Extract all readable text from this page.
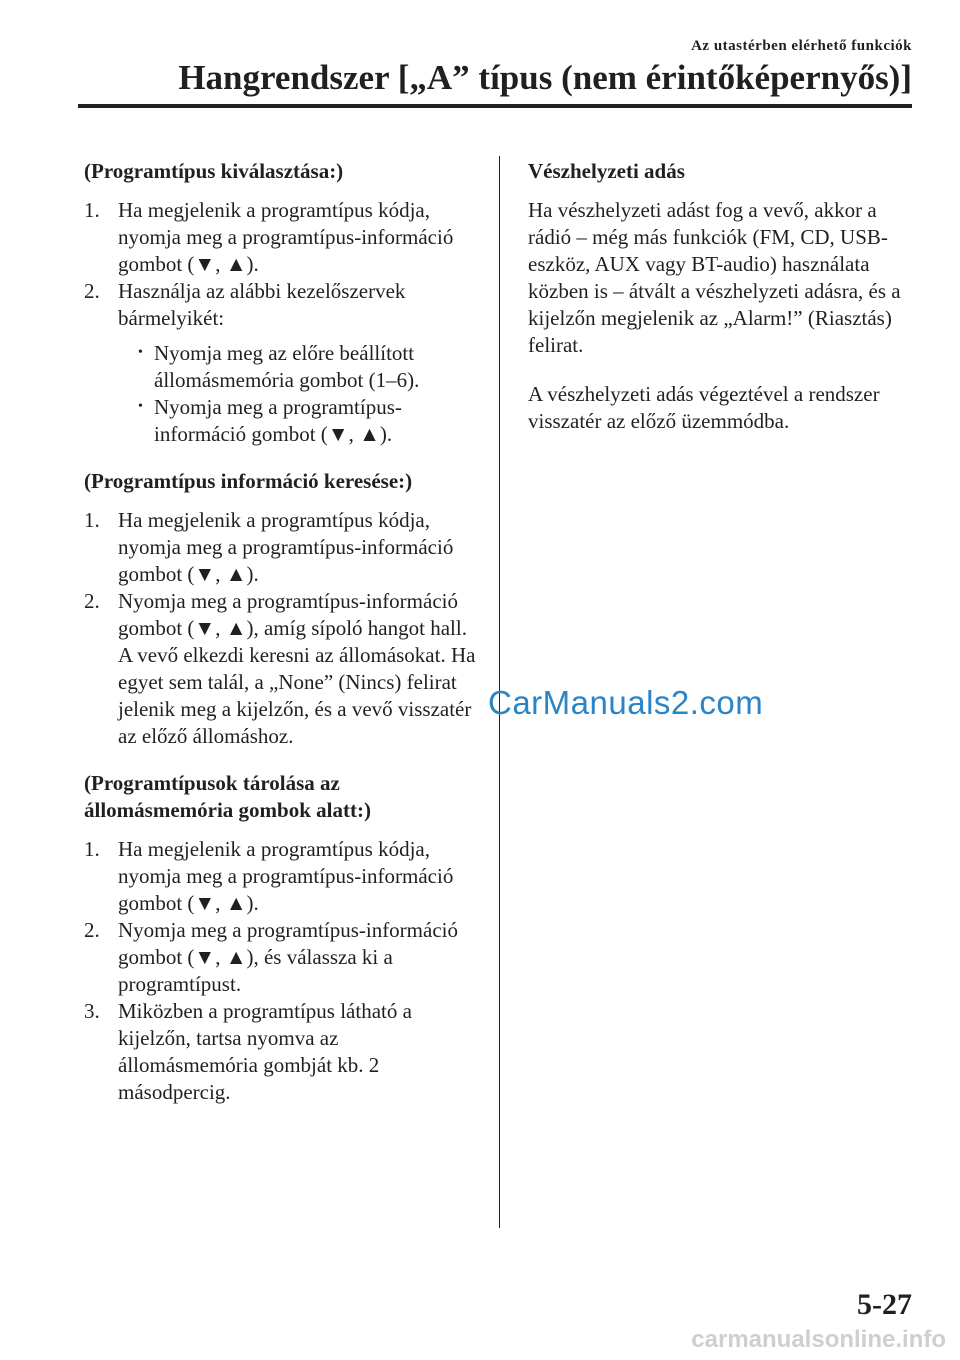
Az utastérben elérhető funkciók
Hangrendszer [„A” típus (nem érintőképernyős)]

(Programtípus kiválasztása:)

1. Ha megjelenik a programtípus kódja, nyomja meg a programtípus-információ gombot (▼, ▲).
2. Használja az alábbi kezelőszervek bármelyikét:
• Nyomja meg az előre beállított állomásmemória gombot (1–6).
• Nyomja meg a programtípus-információ gombot (▼, ▲).

(Programtípus információ keresése:)

1. Ha megjelenik a programtípus kódja, nyomja meg a programtípus-információ gombot (▼, ▲).
2. Nyomja meg a programtípus-információ gombot (▼, ▲), amíg sípoló hangot hall. A vevő elkezdi keresni az állomásokat. Ha egyet sem talál, a „None” (Nincs) felirat jelenik meg a kijelzőn, és a vevő visszatér az előző állomáshoz.

(Programtípusok tárolása az állomásmemória gombok alatt:)

1. Ha megjelenik a programtípus kódja, nyomja meg a programtípus-információ gombot (▼, ▲).
2. Nyomja meg a programtípus-információ gombot (▼, ▲), és válassza ki a programtípust.
3. Miközben a programtípus látható a kijelzőn, tartsa nyomva az állomásmemória gombját kb. 2 másodpercig.

Vészhelyzeti adás

Ha vészhelyzeti adást fog a vevő, akkor a rádió – még más funkciók (FM, CD, USB-eszköz, AUX vagy BT-audio) használata közben is – átvált a vészhelyzeti adásra, és a kijelzőn megjelenik az „Alarm!” (Riasztás) felirat.

A vészhelyzeti adás végeztével a rendszer visszatér az előző üzemmódba.

CarManuals2.com
5-27
carmanualsonline.info
